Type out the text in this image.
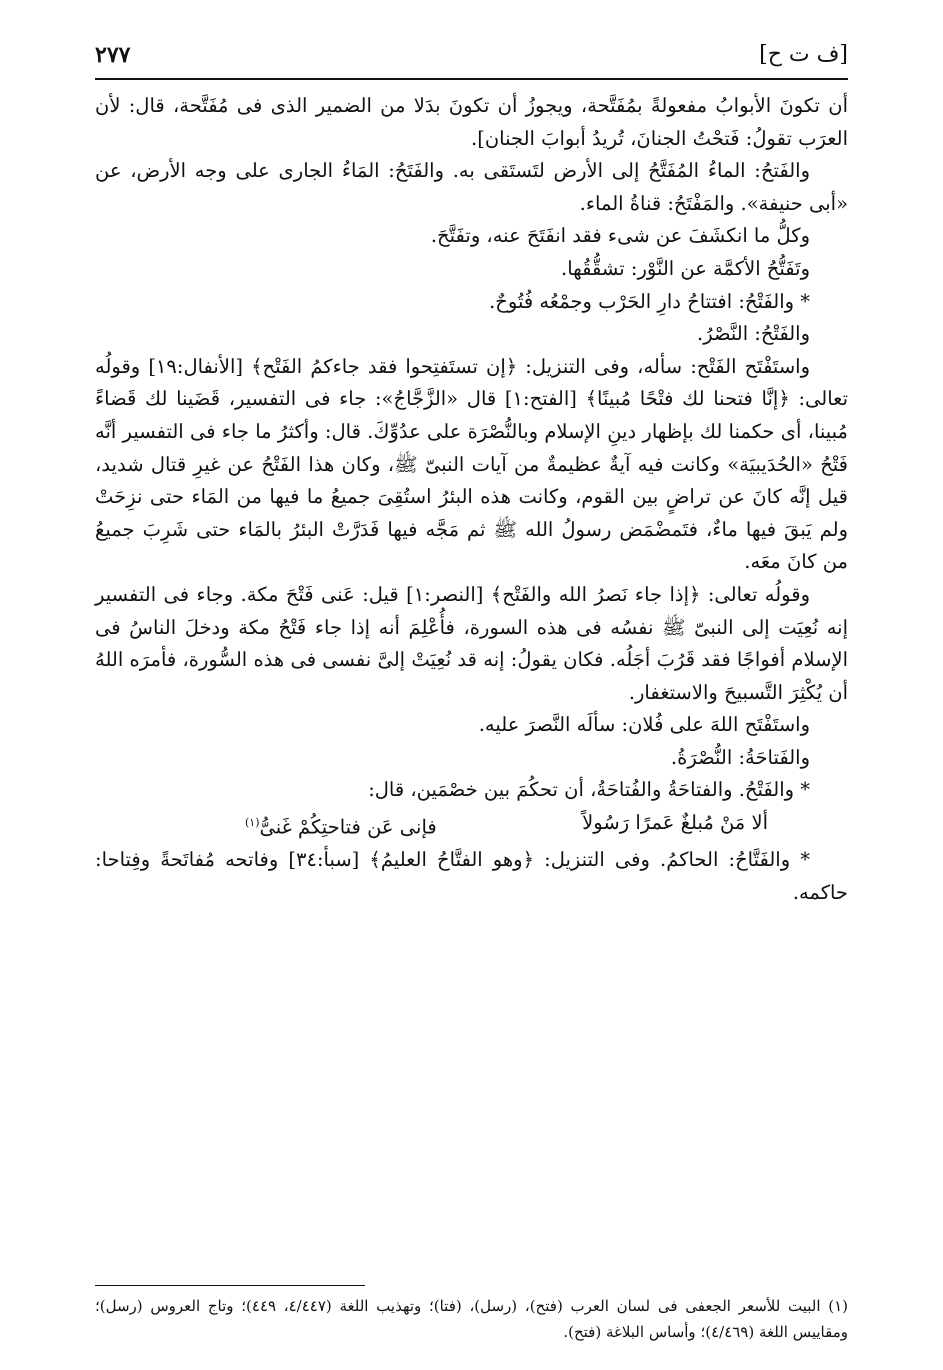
[ف ت ح]
٢٧٧

أن تكونَ الأبوابُ مفعولةً بمُفَتَّحة، ويجوزُ أن تكونَ بدَلا من الضمير الذى فى مُفَتَّحة، قال: لأن العرَب تقولُ: فَتحْتُ الجنانَ، تُريدُ أبوابَ الجنان].

والفَتحُ: الماءُ المُفَتَّحُ إلى الأرض لتَستَقى به. والفَتَحُ: المَاءُ الجارى على وجه الأرض، عن «أبى حنيفة». والمَفْتَحُ: قناةُ الماء.

وكلُّ ما انكشَفَ عن شىء فقد انفَتَحَ عنه، وتفَتَّحَ.

وتَفَتُّحُ الأكمَّة عن النَّوْر: تشقُّقُها.

* والفَتْحُ: افتتاحُ دارِ الحَرْب وجمْعُه فُتُوحٌ.

والفَتْحُ: النَّصْرُ.

واستَفْتَح الفَتْح: سأله، وفى التنزيل: ﴿إن تستَفتِحوا فقد جاءكمُ الفَتْح﴾ [الأنفال:١٩] وقولُه تعالى: ﴿إنَّا فتحنا لك فتْحًا مُبينًا﴾ [الفتح:١] قال «الزَّجَّاجُ»: جاء فى التفسير، قَضَينا لك قَضاءً مُبينا، أى حكمنا لك بإظهار دينِ الإسلام وبالنُّصْرَة على عدُوِّكَ. قال: وأكثرُ ما جاء فى التفسير أنَّه فَتْحُ «الحُدَيبيَة» وكانت فيه آيةٌ عظيمةٌ من آيات النبىّ ﷺ، وكان هذا الفَتْحُ عن غيرِ قتال شديد، قيل إنَّه كانَ عن تراضٍ بين القوم، وكانت هذه البئرُ استُقِىَ جميعُ ما فيها من المَاء حتى نزِحَتْ ولم يَبقَ فيها ماءٌ، فتَمضْمَض رسولُ الله ﷺ ثم مَجَّه فيها فَدَرَّتْ البئرُ بالمَاء حتى شَرِبَ جميعُ من كانَ معَه.

وقولُه تعالى: ﴿إذا جاء نَصرُ الله والفَتْح﴾ [النصر:١] قيل: عَنى فَتْحَ مكة. وجاء فى التفسير إنه نُعِيَت إلى النبىّ ﷺ نفسُه فى هذه السورة، فأُعْلِمَ أنه إذا جاء فَتْحُ مكة ودخلَ الناسُ فى الإسلام أفواجًا فقد قَرُبَ أجَلُه. فكان يقولُ: إنه قد نُعِيَتْ إلىَّ نفسى فى هذه السُّورة، فأمرَه اللهُ أن يُكْثِرَ التَّسبيحَ والاستغفار.

واستَفْتَح اللهَ على فُلان: سألَه النَّصرَ عليه.

والفَتاحَةُ: النُّصْرَةُ.

* والفَتْحُ. والفتاحَةُ والفُتاحَةُ، أن تحكُمَ بين خصْمَين، قال:

ألا مَنْ مُبلغٌ عَمرًا رَسُولاً
فإنى عَن فتاحتِكُمْ غَنىُّ$^{(١)}$

* والفَتَّاحُ: الحاكمُ. وفى التنزيل: ﴿وهو الفتَّاحُ العليمُ﴾ [سبأ:٣٤] وفاتحه مُفاتَحةً وفِتاحا: حاكمه.

(١) البيت للأسعر الجعفى فى لسان العرب (فتح)، (رسل)، (فتا)؛ وتهذيب اللغة (٤/٤٤٧، ٤٤٩)؛ وتاج العروس (رسل)؛ ومقاييس اللغة (٤/٤٦٩)؛ وأساس البلاغة (فتح).
